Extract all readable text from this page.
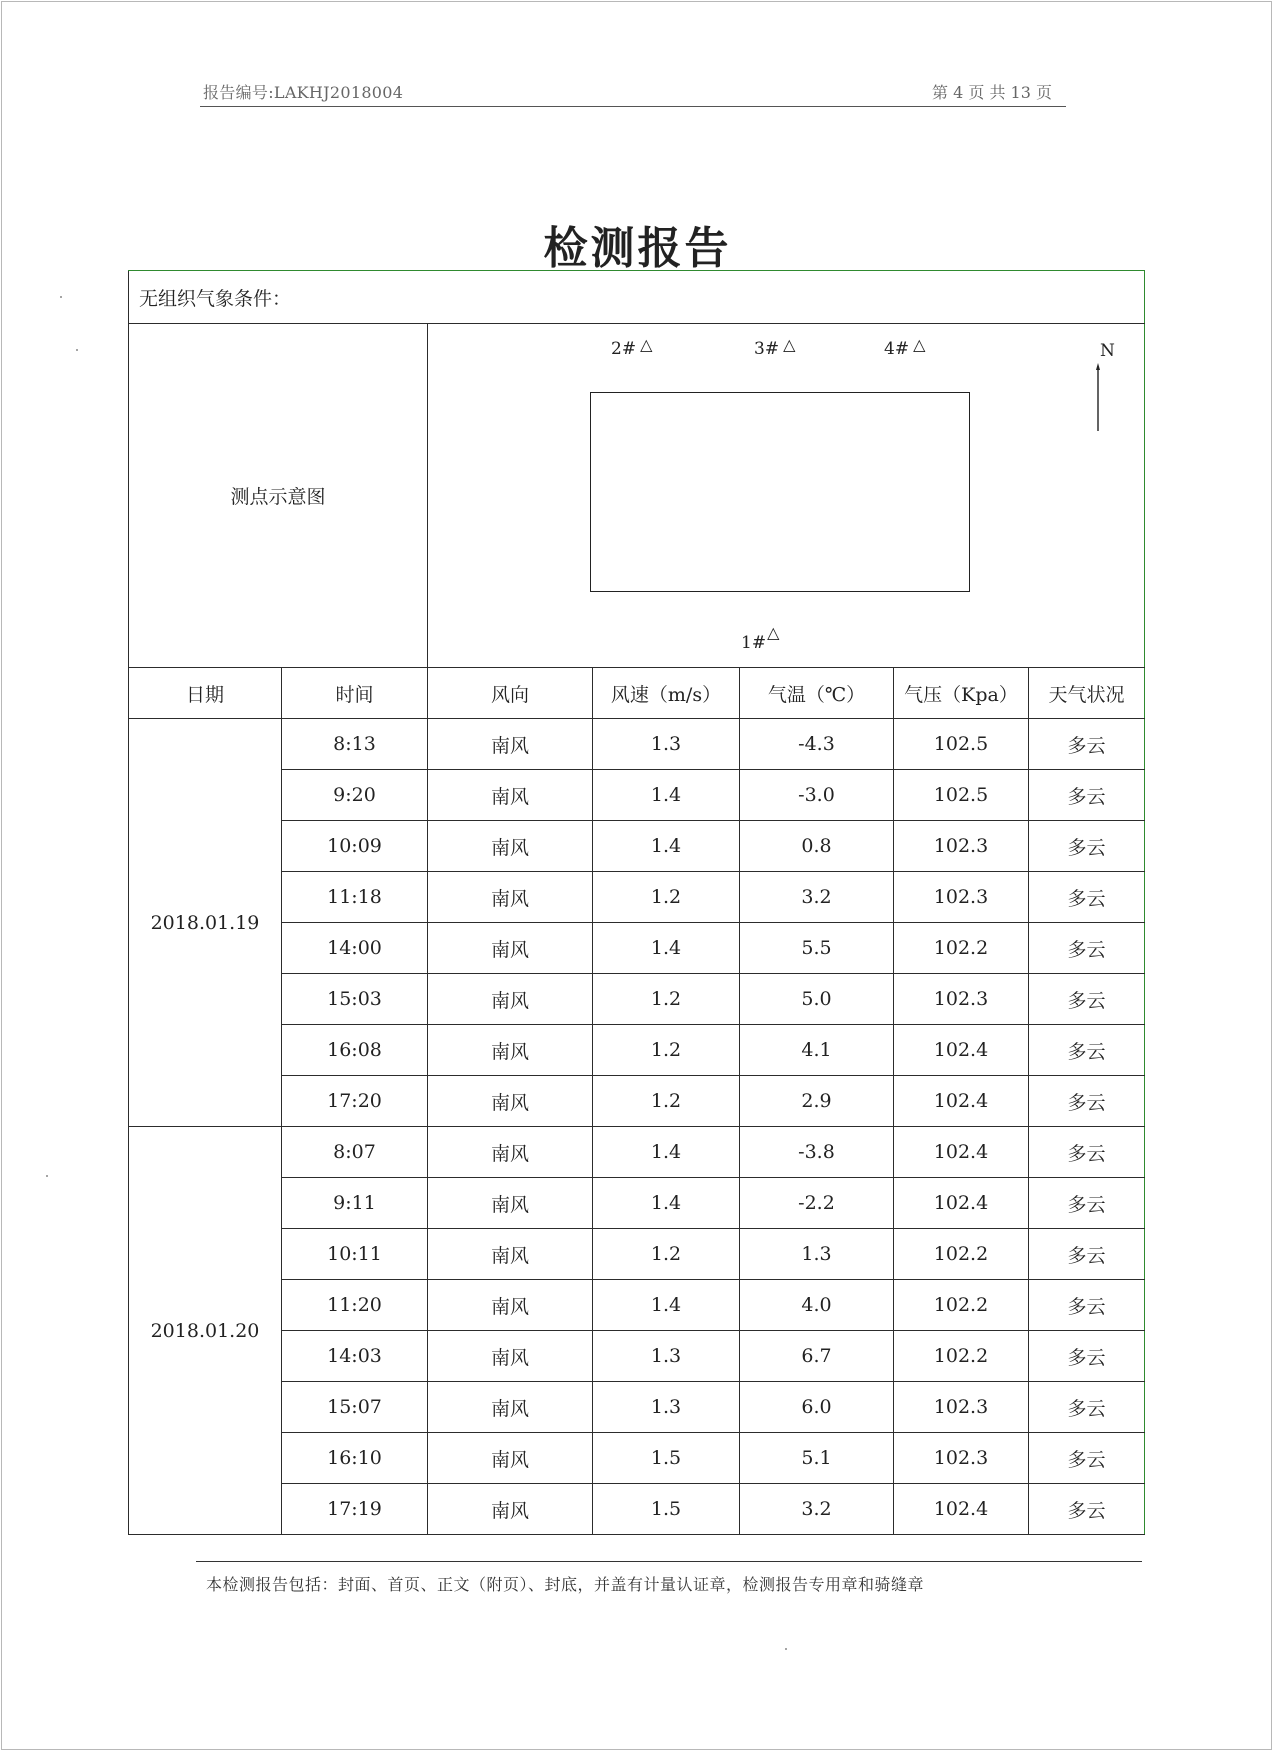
报告编号:LAKHJ2018004	第 4 页 共 13 页
检测报告
无组织气象条件：						
测点示意图		2# △ 3# △ 4# △
1#△
N				

日期	时间	风向	风速（m/s）	气温（℃）	气压（Kpa）	天气状况
2018.01.19	8:13	南风	1.3	-4.3	102.5	多云
	9:20	南风	1.4	-3.0	102.5	多云
	10:09	南风	1.4	0.8	102.3	多云
	11:18	南风	1.2	3.2	102.3	多云
	14:00	南风	1.4	5.5	102.2	多云
	15:03	南风	1.2	5.0	102.3	多云
	16:08	南风	1.2	4.1	102.4	多云
	17:20	南风	1.2	2.9	102.4	多云
2018.01.20	8:07	南风	1.4	-3.8	102.4	多云
	9:11	南风	1.4	-2.2	102.4	多云
	10:11	南风	1.2	1.3	102.2	多云
	11:20	南风	1.4	4.0	102.2	多云
	14:03	南风	1.3	6.7	102.2	多云
	15:07	南风	1.3	6.0	102.3	多云
	16:10	南风	1.5	5.1	102.3	多云
	17:19	南风	1.5	3.2	102.4	多云
本检测报告包括：封面、首页、正文（附页）、封底，并盖有计量认证章，检测报告专用章和骑缝章
